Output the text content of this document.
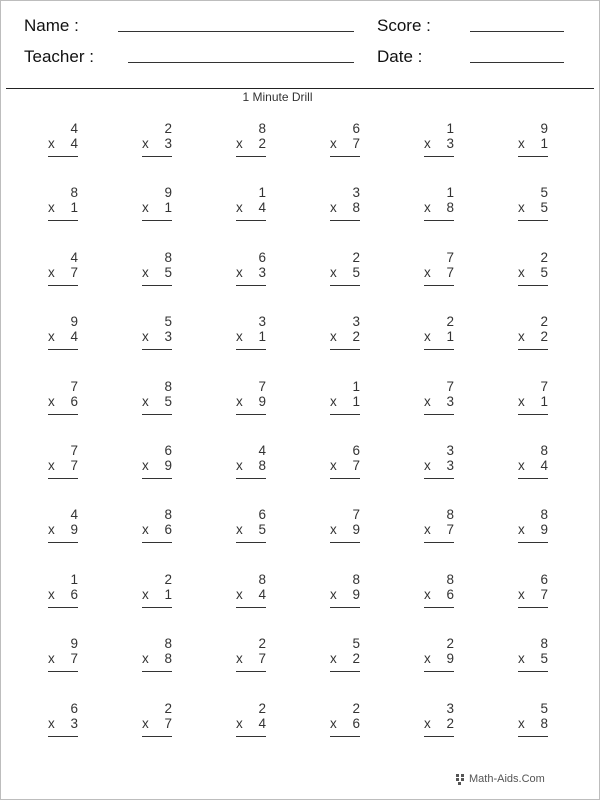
Name :	Score :
Teacher :	Date :
1 Minute Drill
4
x 4
2
x 3
8
x 2
6
x 7
1
x 3
9
x 1
8
x 1
9
x 1
1
x 4
3
x 8
1
x 8
5
x 5
4
x 7
8
x 5
6
x 3
2
x 5
7
x 7
2
x 5
9
x 4
5
x 3
3
x 1
3
x 2
2
x 1
2
x 2
7
x 6
8
x 5
7
x 9
1
x 1
7
x 3
7
x 1
7
x 7
6
x 9
4
x 8
6
x 7
3
x 3
8
x 4
4
x 9
8
x 6
6
x 5
7
x 9
8
x 7
8
x 9
1
x 6
2
x 1
8
x 4
8
x 9
8
x 6
6
x 7
9
x 7
8
x 8
2
x 7
5
x 2
2
x 9
8
x 5
6
x 3
2
x 7
2
x 4
2
x 6
3
x 2
5
x 8
Math-Aids.Com
